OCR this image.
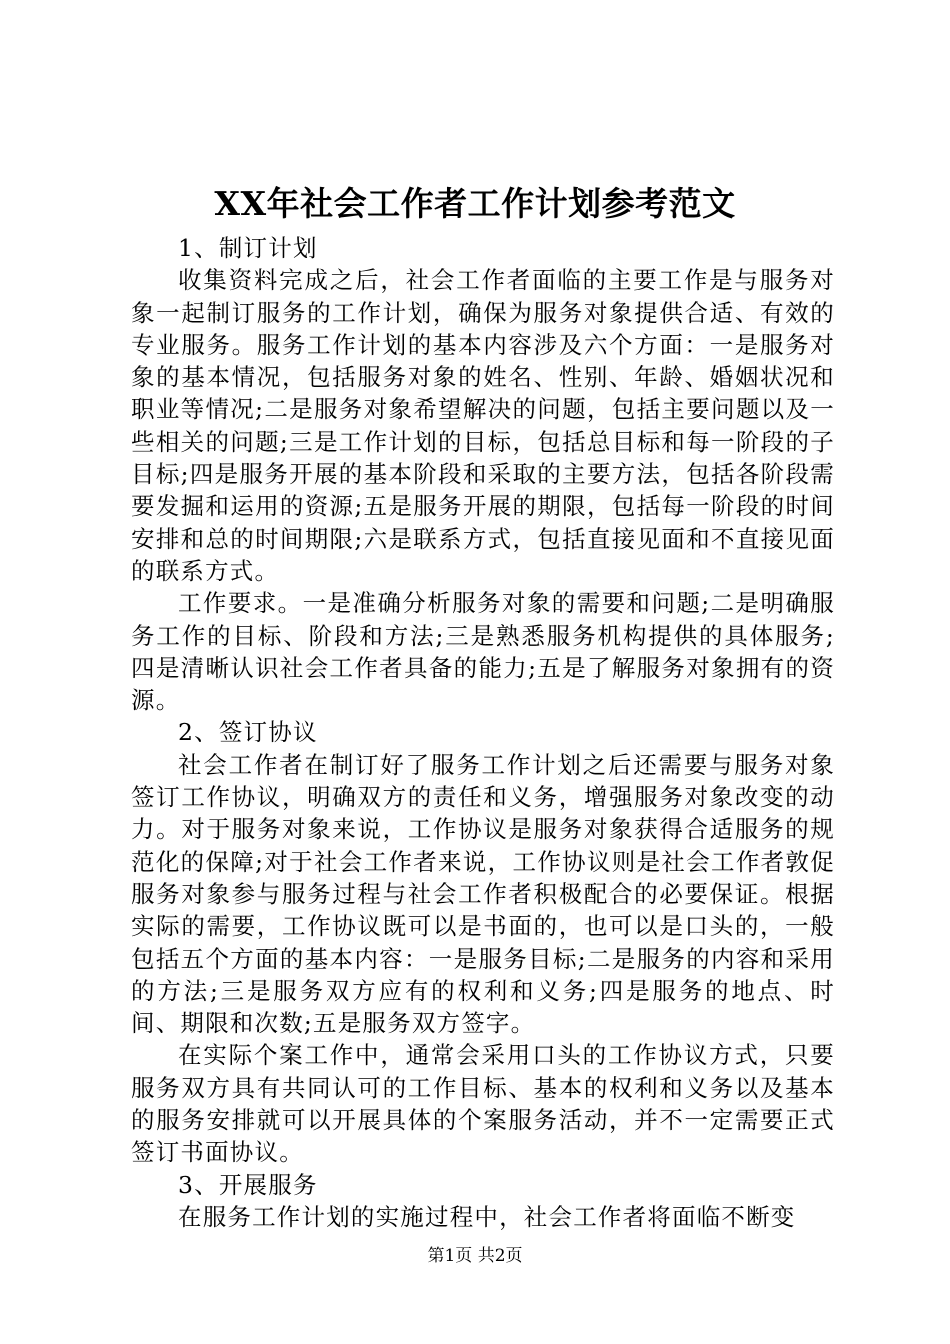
XX年社会工作者工作计划参考范文

1、制订计划

收集资料完成之后，社会工作者面临的主要工作是与服务对象一起制订服务的工作计划，确保为服务对象提供合适、有效的专业服务。服务工作计划的基本内容涉及六个方面：一是服务对象的基本情况，包括服务对象的姓名、性别、年龄、婚姻状况和职业等情况;二是服务对象希望解决的问题，包括主要问题以及一些相关的问题;三是工作计划的目标，包括总目标和每一阶段的子目标;四是服务开展的基本阶段和采取的主要方法，包括各阶段需要发掘和运用的资源;五是服务开展的期限，包括每一阶段的时间安排和总的时间期限;六是联系方式，包括直接见面和不直接见面的联系方式。

工作要求。一是准确分析服务对象的需要和问题;二是明确服务工作的目标、阶段和方法;三是熟悉服务机构提供的具体服务;四是清晰认识社会工作者具备的能力;五是了解服务对象拥有的资源。

2、签订协议

社会工作者在制订好了服务工作计划之后还需要与服务对象签订工作协议，明确双方的责任和义务，增强服务对象改变的动力。对于服务对象来说，工作协议是服务对象获得合适服务的规范化的保障;对于社会工作者来说，工作协议则是社会工作者敦促服务对象参与服务过程与社会工作者积极配合的必要保证。根据实际的需要，工作协议既可以是书面的，也可以是口头的，一般包括五个方面的基本内容：一是服务目标;二是服务的内容和采用的方法;三是服务双方应有的权利和义务;四是服务的地点、时间、期限和次数;五是服务双方签字。

在实际个案工作中，通常会采用口头的工作协议方式，只要服务双方具有共同认可的工作目标、基本的权利和义务以及基本的服务安排就可以开展具体的个案服务活动，并不一定需要正式签订书面协议。

3、开展服务

在服务工作计划的实施过程中，社会工作者将面临不断变

第1页 共2页
